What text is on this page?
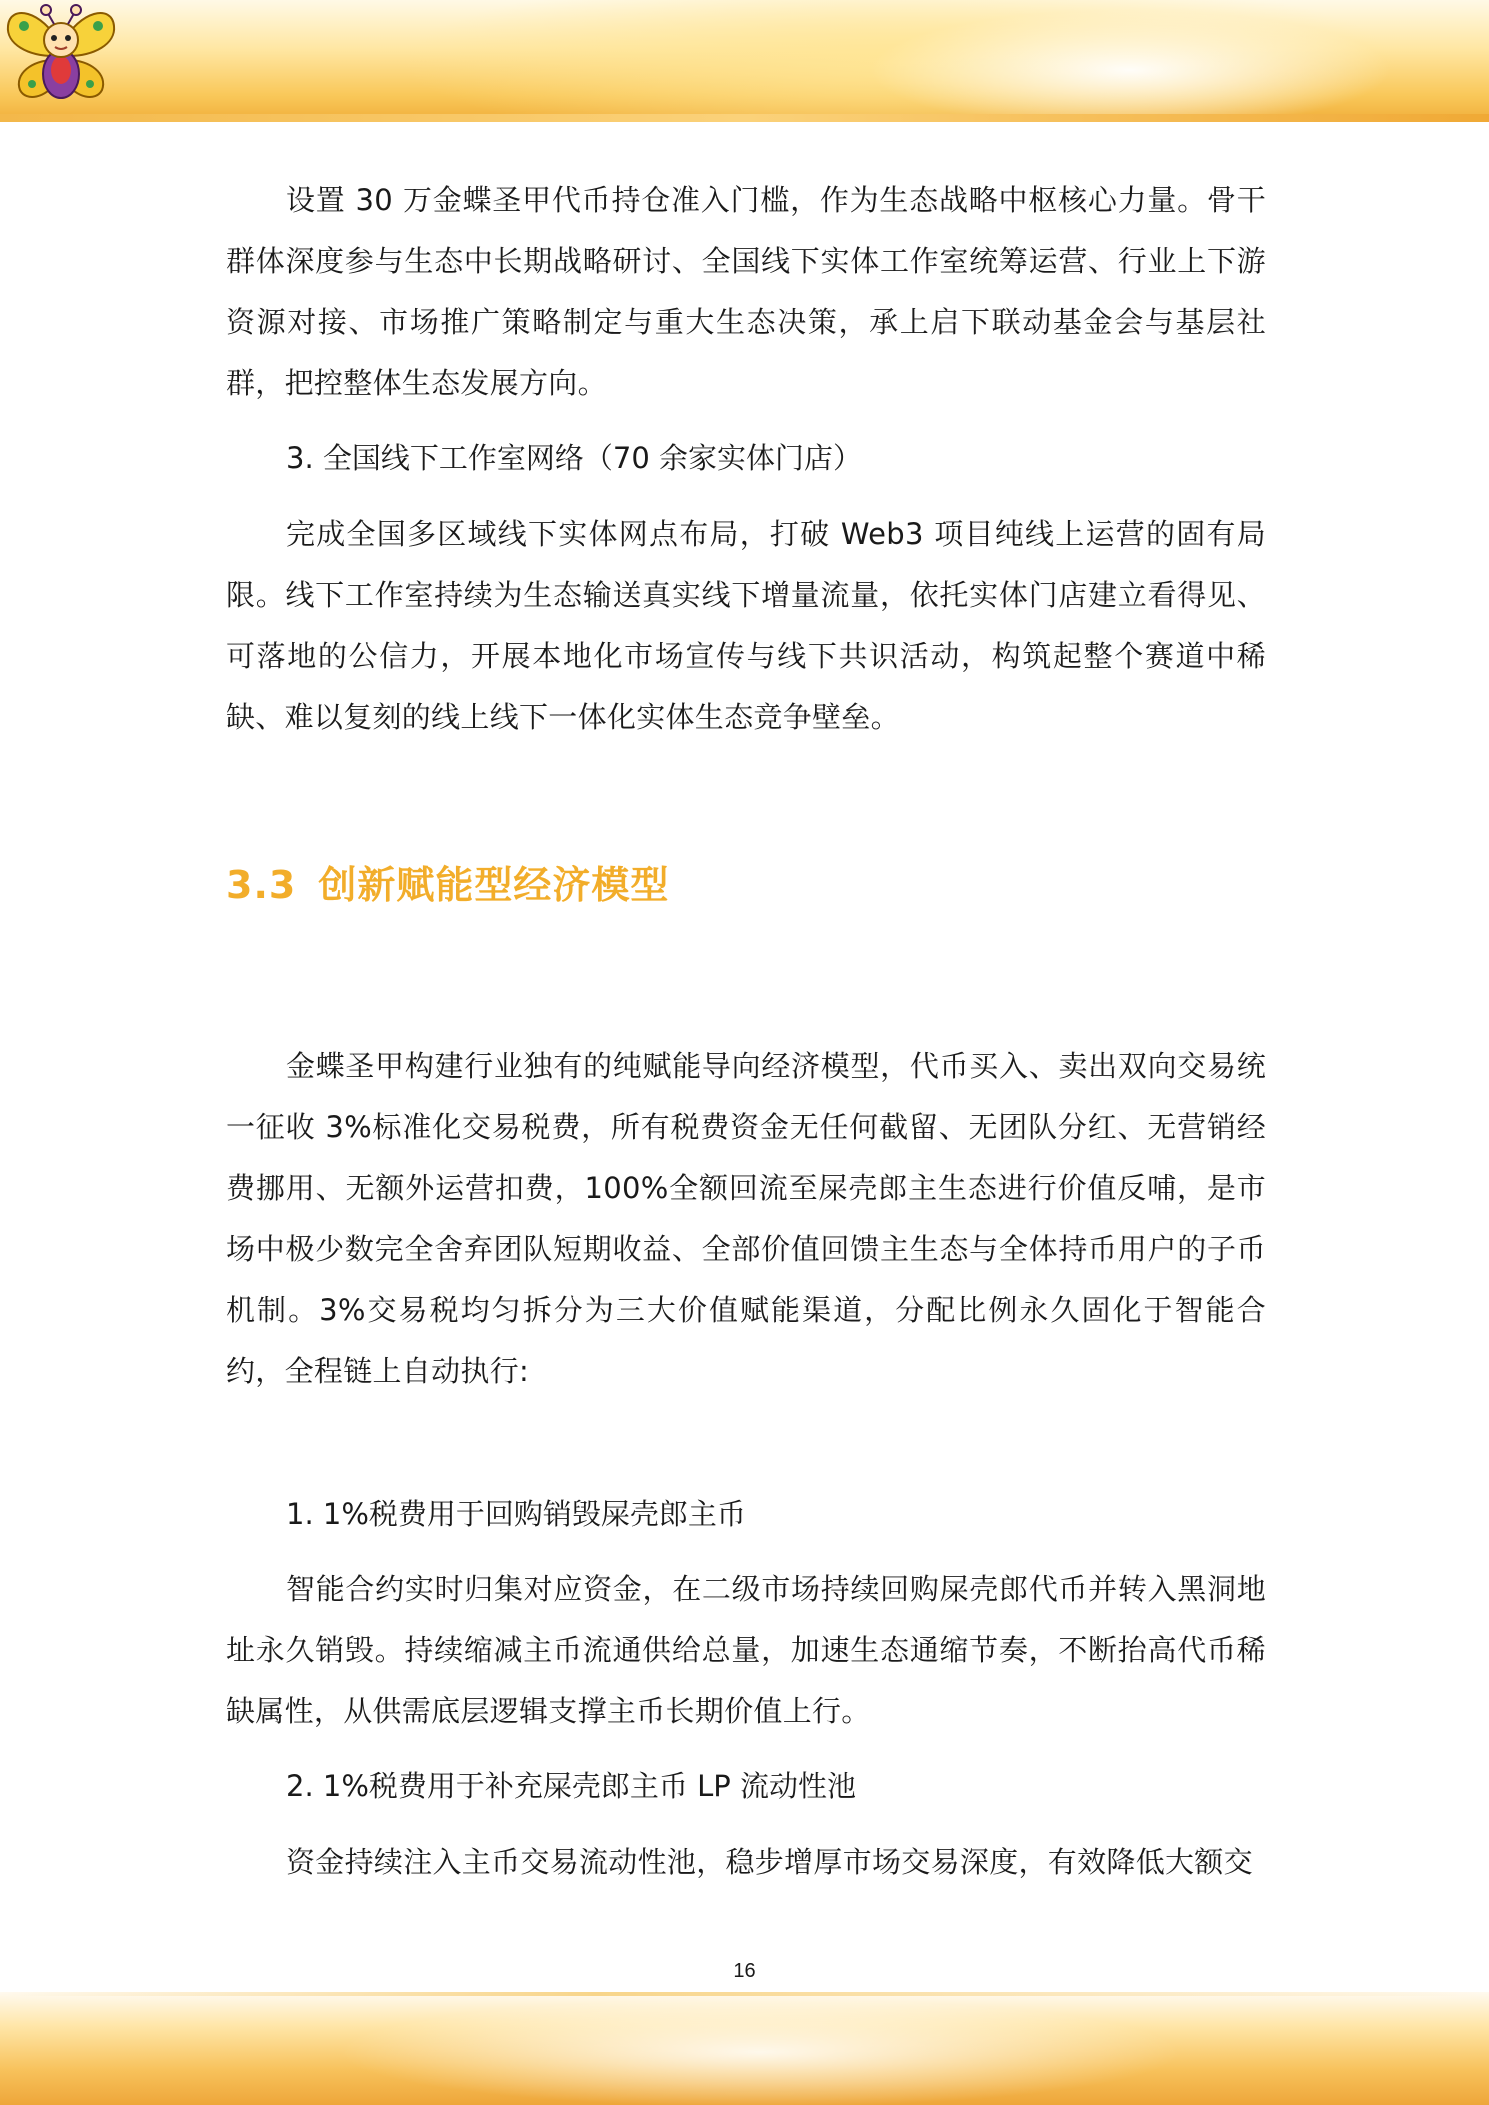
设置 30 万金蝶圣甲代币持仓准入门槛，作为生态战略中枢核心力量。骨干群体深度参与生态中长期战略研讨、全国线下实体工作室统筹运营、行业上下游资源对接、市场推广策略制定与重大生态决策，承上启下联动基金会与基层社群，把控整体生态发展方向。

3. 全国线下工作室网络（70 余家实体门店）

完成全国多区域线下实体网点布局，打破 Web3 项目纯线上运营的固有局限。线下工作室持续为生态输送真实线下增量流量，依托实体门店建立看得见、可落地的公信力，开展本地化市场宣传与线下共识活动，构筑起整个赛道中稀缺、难以复刻的线上线下一体化实体生态竞争壁垒。

3.3 创新赋能型经济模型

金蝶圣甲构建行业独有的纯赋能导向经济模型，代币买入、卖出双向交易统一征收 3%标准化交易税费，所有税费资金无任何截留、无团队分红、无营销经费挪用、无额外运营扣费，100%全额回流至屎壳郎主生态进行价值反哺，是市场中极少数完全舍弃团队短期收益、全部价值回馈主生态与全体持币用户的子币机制。3%交易税均匀拆分为三大价值赋能渠道，分配比例永久固化于智能合约，全程链上自动执行:

1. 1%税费用于回购销毁屎壳郎主币

智能合约实时归集对应资金，在二级市场持续回购屎壳郎代币并转入黑洞地址永久销毁。持续缩减主币流通供给总量，加速生态通缩节奏，不断抬高代币稀缺属性，从供需底层逻辑支撑主币长期价值上行。

2. 1%税费用于补充屎壳郎主币 LP 流动性池

资金持续注入主币交易流动性池，稳步增厚市场交易深度，有效降低大额交

16
